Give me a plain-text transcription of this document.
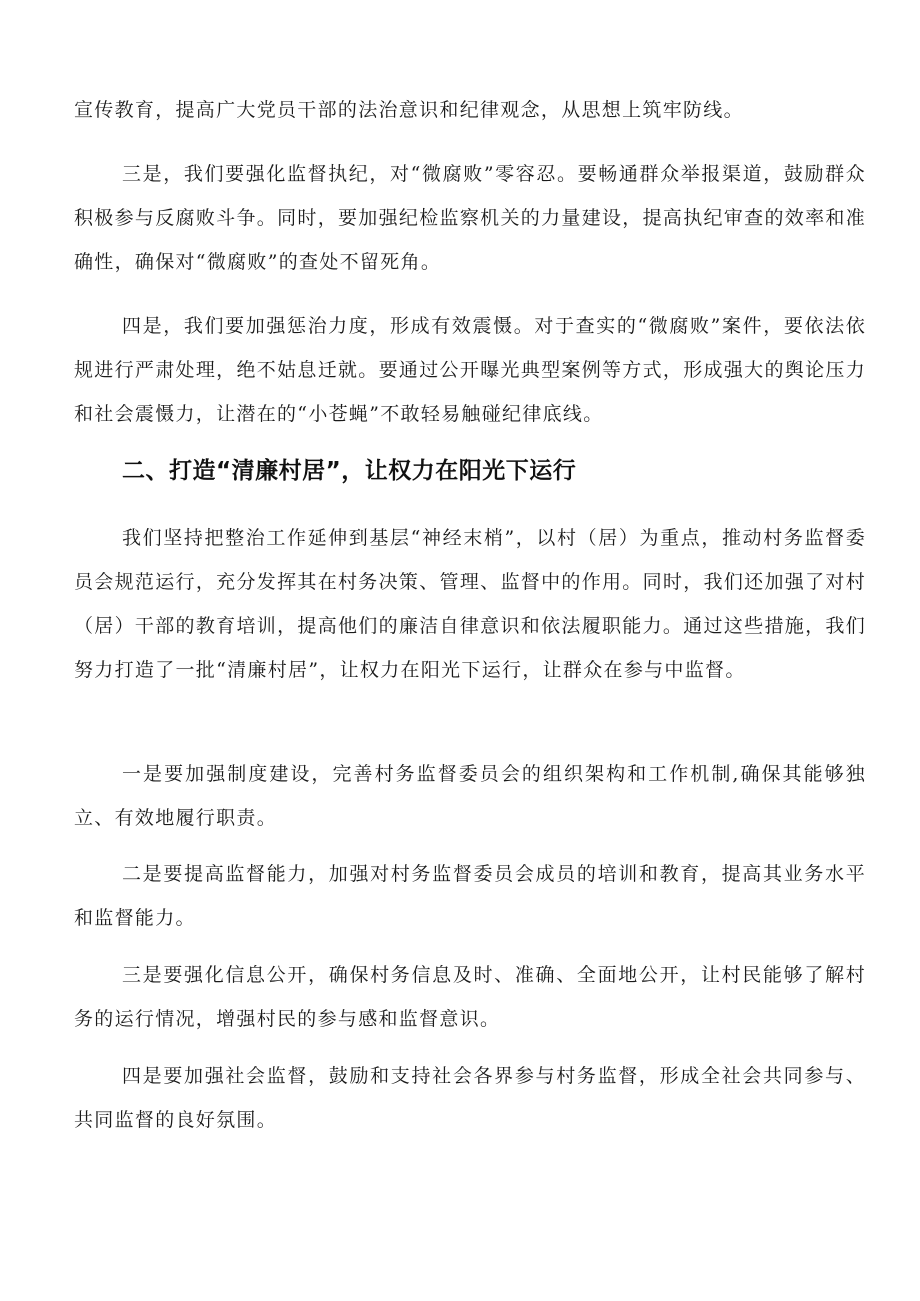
宣传教育，提高广大党员干部的法治意识和纪律观念，从思想上筑牢防线。

三是，我们要强化监督执纪，对“微腐败”零容忍。要畅通群众举报渠道，鼓励群众积极参与反腐败斗争。同时，要加强纪检监察机关的力量建设，提高执纪审查的效率和准确性，确保对“微腐败”的查处不留死角。

四是，我们要加强惩治力度，形成有效震慑。对于查实的“微腐败”案件，要依法依规进行严肃处理，绝不姑息迁就。要通过公开曝光典型案例等方式，形成强大的舆论压力和社会震慑力，让潜在的“小苍蝇”不敢轻易触碰纪律底线。

二、打造“清廉村居”，让权力在阳光下运行

我们坚持把整治工作延伸到基层“神经末梢”，以村（居）为重点，推动村务监督委员会规范运行，充分发挥其在村务决策、管理、监督中的作用。同时，我们还加强了对村（居）干部的教育培训，提高他们的廉洁自律意识和依法履职能力。通过这些措施，我们努力打造了一批“清廉村居”，让权力在阳光下运行，让群众在参与中监督。

一是要加强制度建设，完善村务监督委员会的组织架构和工作机制,确保其能够独立、有效地履行职责。

二是要提高监督能力，加强对村务监督委员会成员的培训和教育，提高其业务水平和监督能力。

三是要强化信息公开，确保村务信息及时、准确、全面地公开，让村民能够了解村务的运行情况，增强村民的参与感和监督意识。

四是要加强社会监督，鼓励和支持社会各界参与村务监督，形成全社会共同参与、共同监督的良好氛围。
